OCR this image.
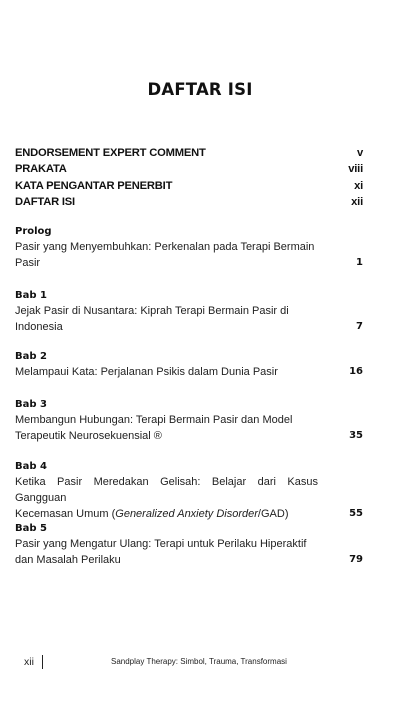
DAFTAR ISI
ENDORSEMENT EXPERT COMMENT	v
PRAKATA	viii
KATA PENGANTAR PENERBIT	xi
DAFTAR ISI	xii
Prolog
Pasir yang Menyembuhkan: Perkenalan pada Terapi Bermain
Pasir	1
Bab 1
Jejak Pasir di Nusantara: Kiprah Terapi Bermain Pasir di
Indonesia	7
Bab 2
Melampaui Kata: Perjalanan Psikis dalam Dunia Pasir	16
Bab 3
Membangun Hubungan: Terapi Bermain Pasir dan Model
Terapeutik Neurosekuensial ®	35
Bab 4
Ketika Pasir Meredakan Gelisah: Belajar dari Kasus Gangguan
Kecemasan Umum (Generalized Anxiety Disorder/GAD)	55
Bab 5
Pasir yang Mengatur Ulang: Terapi untuk Perilaku Hiperaktif
dan Masalah Perilaku	79
xii	Sandplay Therapy: Simbol, Trauma, Transformasi
